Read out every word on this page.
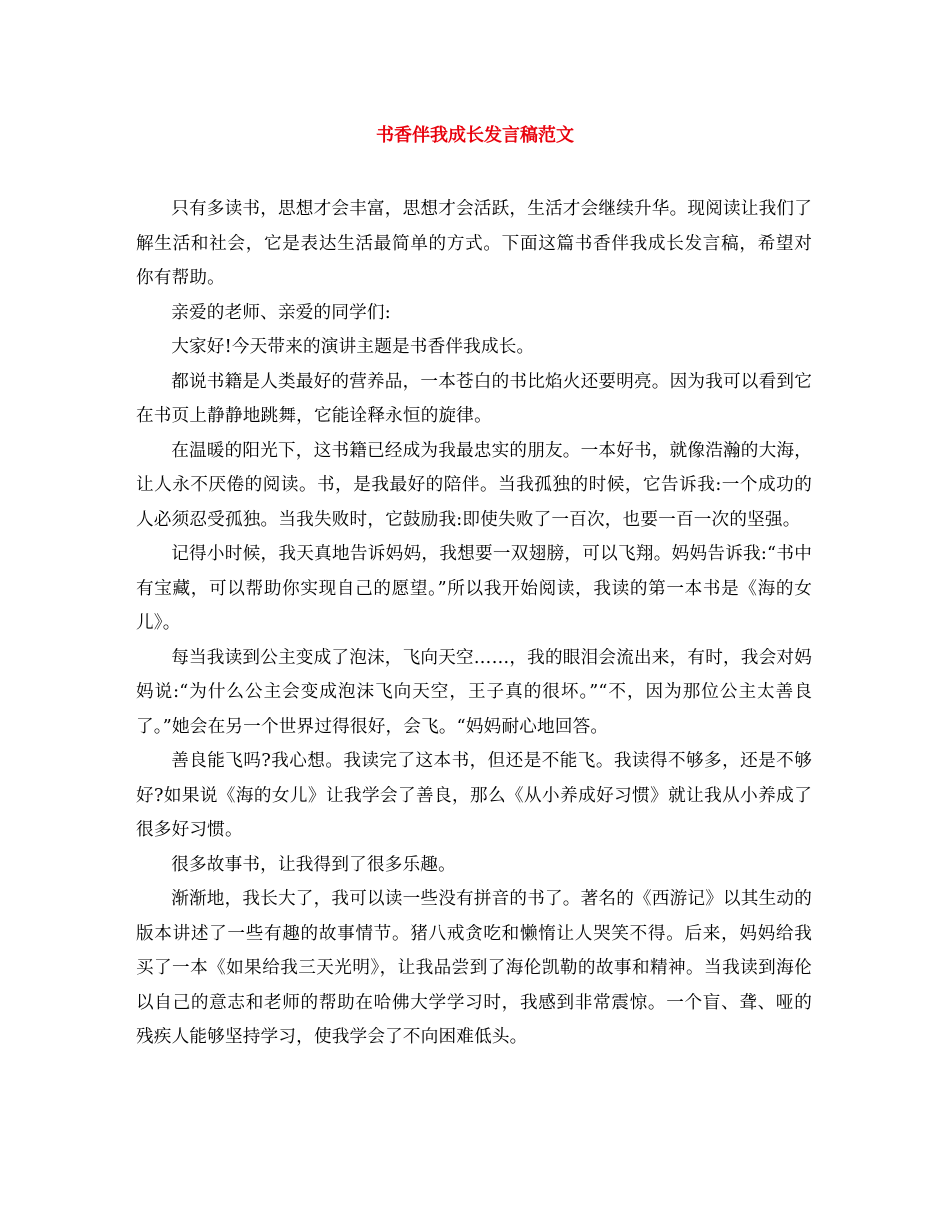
书香伴我成长发言稿范文

只有多读书，思想才会丰富，思想才会活跃，生活才会继续升华。现阅读让我们了解生活和社会，它是表达生活最简单的方式。下面这篇书香伴我成长发言稿，希望对你有帮助。

亲爱的老师、亲爱的同学们:

大家好!今天带来的演讲主题是书香伴我成长。

都说书籍是人类最好的营养品，一本苍白的书比焰火还要明亮。因为我可以看到它在书页上静静地跳舞，它能诠释永恒的旋律。

在温暖的阳光下，这书籍已经成为我最忠实的朋友。一本好书，就像浩瀚的大海，让人永不厌倦的阅读。书，是我最好的陪伴。当我孤独的时候，它告诉我:一个成功的人必须忍受孤独。当我失败时，它鼓励我:即使失败了一百次，也要一百一次的坚强。

记得小时候，我天真地告诉妈妈，我想要一双翅膀，可以飞翔。妈妈告诉我:“书中有宝藏，可以帮助你实现自己的愿望。”所以我开始阅读，我读的第一本书是《海的女儿》。

每当我读到公主变成了泡沫，飞向天空……，我的眼泪会流出来，有时，我会对妈妈说:“为什么公主会变成泡沫飞向天空，王子真的很坏。”“不，因为那位公主太善良了。”她会在另一个世界过得很好，会飞。“妈妈耐心地回答。

善良能飞吗?我心想。我读完了这本书，但还是不能飞。我读得不够多，还是不够好?如果说《海的女儿》让我学会了善良，那么《从小养成好习惯》就让我从小养成了很多好习惯。

很多故事书，让我得到了很多乐趣。

渐渐地，我长大了，我可以读一些没有拼音的书了。著名的《西游记》以其生动的版本讲述了一些有趣的故事情节。猪八戒贪吃和懒惰让人哭笑不得。后来，妈妈给我买了一本《如果给我三天光明》，让我品尝到了海伦凯勒的故事和精神。当我读到海伦以自己的意志和老师的帮助在哈佛大学学习时，我感到非常震惊。一个盲、聋、哑的残疾人能够坚持学习，使我学会了不向困难低头。
